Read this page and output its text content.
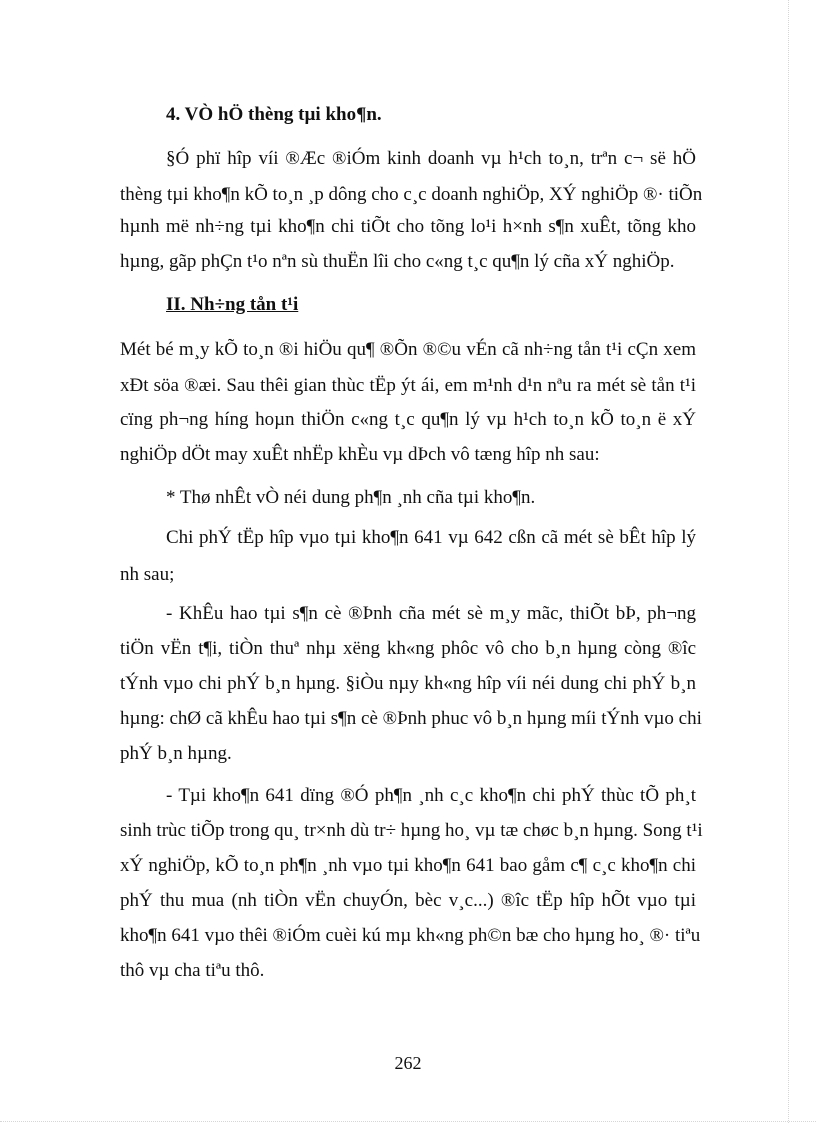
4. VÒ hÖ thèng tµi kho¶n.
§Ó phï hîp víi ®Æc ®iÓm kinh doanh vµ h¹ch to¸n, trªn c¬ së hÖ
thèng tµi kho¶n kÕ to¸n ¸p dông cho c¸c doanh nghiÖp, XÝ nghiÖp ®· tiÕn
hµnh më nh÷ng tµi kho¶n chi tiÕt cho tõng lo¹i h×nh s¶n xuÊt, tõng kho
hµng, gãp phÇn t¹o nªn sù thuËn lîi cho c«ng t¸c qu¶n lý cña xÝ nghiÖp.
II. Nh÷ng tån t¹i
Mét bé m¸y kÕ to¸n ®i hiÖu qu¶ ®Õn ®©u vÉn cã nh÷ng tån t¹i cÇn xem
xÐt söa ®æi. Sau thêi gian thùc tËp ýt ái, em m¹nh d¹n nªu ra mét sè tån t¹i
cïng ph¬ng híng hoµn thiÖn c«ng t¸c qu¶n lý vµ h¹ch to¸n kÕ to¸n ë xÝ
nghiÖp dÖt may xuÊt nhËp khÈu vµ dÞch vô tæng hîp nh sau:
* Thø nhÊt vÒ néi dung ph¶n ¸nh cña tµi kho¶n.
Chi phÝ tËp hîp vµo tµi kho¶n 641 vµ 642 cßn cã mét sè bÊt hîp lý
nh sau;
- KhÊu hao tµi s¶n cè ®Þnh cña mét sè m¸y mãc, thiÕt bÞ, ph¬ng
tiÖn vËn t¶i, tiÒn thuª nhµ xëng kh«ng phôc vô cho b¸n hµng còng ®îc
tÝnh vµo chi phÝ b¸n hµng. §iÒu nµy kh«ng hîp víi néi dung chi phÝ b¸n
hµng: chØ cã khÊu hao tµi s¶n cè ®Þnh phuc vô b¸n hµng míi tÝnh vµo chi
phÝ b¸n hµng.
- Tµi kho¶n 641 dïng ®Ó ph¶n ¸nh c¸c kho¶n chi phÝ thùc tÕ ph¸t
sinh trùc tiÕp trong qu¸ tr×nh dù tr÷ hµng ho¸ vµ tæ chøc b¸n hµng. Song t¹i
xÝ nghiÖp, kÕ to¸n ph¶n ¸nh vµo tµi kho¶n 641 bao gåm c¶ c¸c kho¶n chi
phÝ thu mua (nh tiÒn vËn chuyÓn, bèc v¸c...) ®îc tËp hîp hÕt vµo tµi
kho¶n 641 vµo thêi ®iÓm cuèi kú mµ kh«ng ph©n bæ cho hµng ho¸ ®· tiªu
thô vµ cha tiªu thô.
262
